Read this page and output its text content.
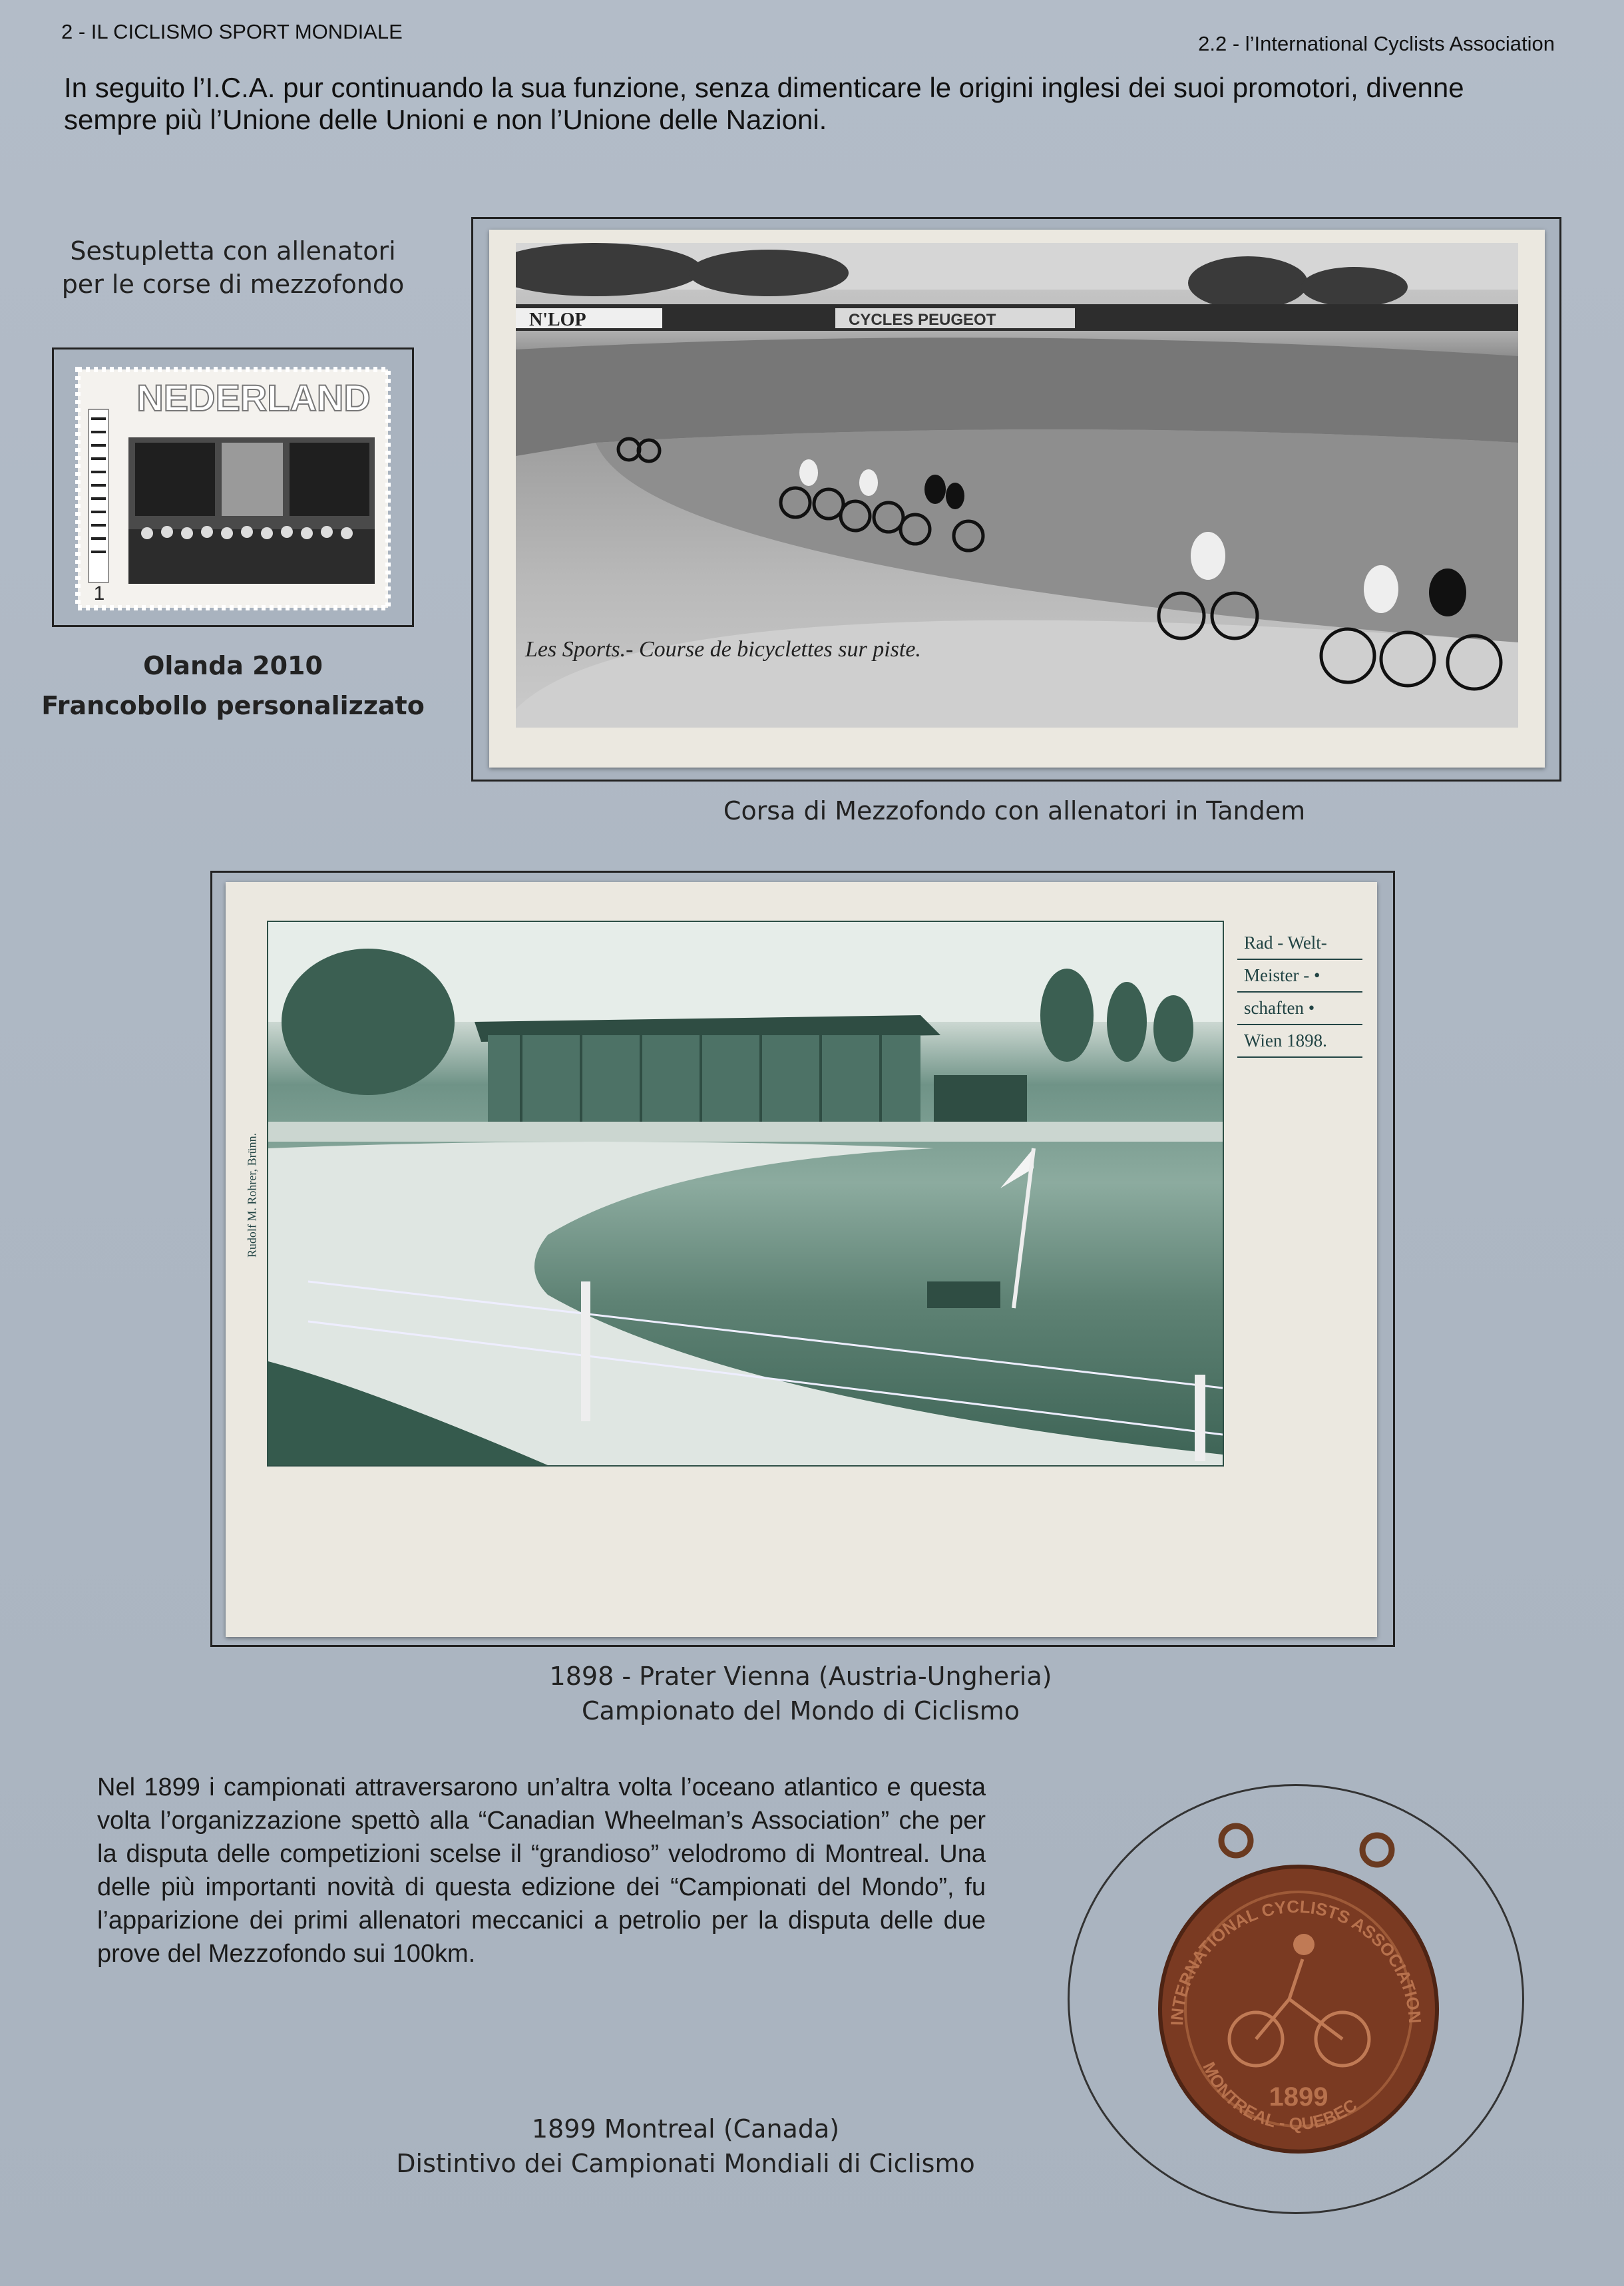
2 - IL CICLISMO SPORT MONDIALE
2.2 - l’International Cyclists Association
In seguito l’I.C.A. pur continuando la sua funzione, senza dimenticare le origini inglesi dei suoi promotori, divenne sempre più l’Unione delle Unioni e non l’Unione delle Nazioni.
Sestupletta con allenatori
per le corse di mezzofondo
NEDERLAND
1
Olanda 2010
Francobollo personalizzato
N'LOP	CYCLES PEUGEOT
Les Sports.- Course de bicyclettes sur piste.
Corsa di Mezzofondo con allenatori in Tandem
Rad - Welt-
Meister - •
schaften •
Wien 1898.
Rudolf M. Rohrer, Brünn.
1898 - Prater Vienna (Austria-Ungheria)
Campionato del Mondo di Ciclismo
Nel 1899 i campionati attraversarono un’altra volta l’oceano atlantico e questa volta l’organizzazione spettò alla “Canadian Wheelman’s Association” che per la disputa delle competizioni scelse il “grandioso” velodromo di Montreal. Una delle più importanti novità di questa edizione dei “Campionati del Mondo”, fu l’apparizione dei primi allenatori meccanici a petrolio per la disputa delle due prove del Mezzofondo sui 100km.
INTERNATIONAL CYCLISTS ASSOCIATION
MONTREAL - QUEBEC
1899
1899 Montreal (Canada)
Distintivo dei Campionati Mondiali di Ciclismo
